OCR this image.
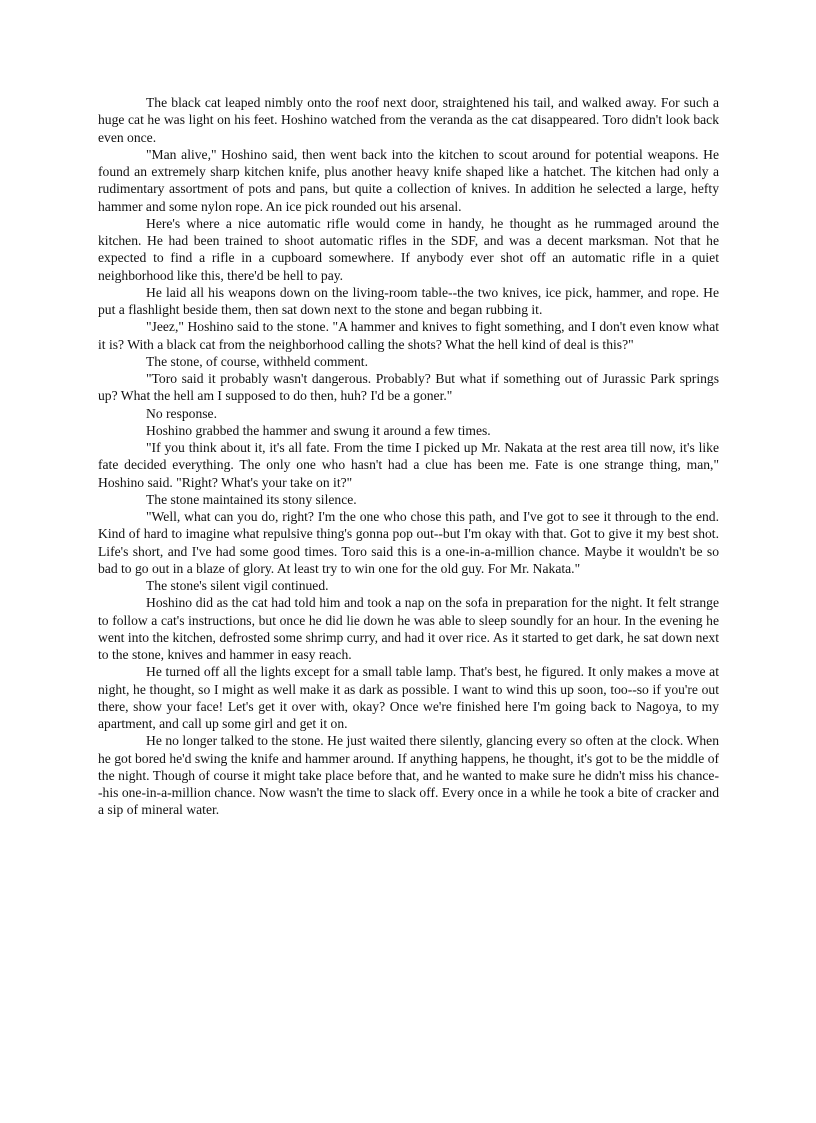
The black cat leaped nimbly onto the roof next door, straightened his tail, and walked away. For such a huge cat he was light on his feet. Hoshino watched from the veranda as the cat disappeared. Toro didn't look back even once.

"Man alive," Hoshino said, then went back into the kitchen to scout around for potential weapons. He found an extremely sharp kitchen knife, plus another heavy knife shaped like a hatchet. The kitchen had only a rudimentary assortment of pots and pans, but quite a collection of knives. In addition he selected a large, hefty hammer and some nylon rope. An ice pick rounded out his arsenal.

Here's where a nice automatic rifle would come in handy, he thought as he rummaged around the kitchen. He had been trained to shoot automatic rifles in the SDF, and was a decent marksman. Not that he expected to find a rifle in a cupboard somewhere. If anybody ever shot off an automatic rifle in a quiet neighborhood like this, there'd be hell to pay.

He laid all his weapons down on the living-room table--the two knives, ice pick, hammer, and rope. He put a flashlight beside them, then sat down next to the stone and began rubbing it.

"Jeez," Hoshino said to the stone. "A hammer and knives to fight something, and I don't even know what it is? With a black cat from the neighborhood calling the shots? What the hell kind of deal is this?"

The stone, of course, withheld comment.

"Toro said it probably wasn't dangerous. Probably? But what if something out of Jurassic Park springs up? What the hell am I supposed to do then, huh? I'd be a goner."

No response.

Hoshino grabbed the hammer and swung it around a few times.

"If you think about it, it's all fate. From the time I picked up Mr. Nakata at the rest area till now, it's like fate decided everything. The only one who hasn't had a clue has been me. Fate is one strange thing, man," Hoshino said. "Right? What's your take on it?"

The stone maintained its stony silence.

"Well, what can you do, right? I'm the one who chose this path, and I've got to see it through to the end. Kind of hard to imagine what repulsive thing's gonna pop out--but I'm okay with that. Got to give it my best shot. Life's short, and I've had some good times. Toro said this is a one-in-a-million chance. Maybe it wouldn't be so bad to go out in a blaze of glory. At least try to win one for the old guy. For Mr. Nakata."

The stone's silent vigil continued.

Hoshino did as the cat had told him and took a nap on the sofa in preparation for the night. It felt strange to follow a cat's instructions, but once he did lie down he was able to sleep soundly for an hour. In the evening he went into the kitchen, defrosted some shrimp curry, and had it over rice. As it started to get dark, he sat down next to the stone, knives and hammer in easy reach.

He turned off all the lights except for a small table lamp. That's best, he figured. It only makes a move at night, he thought, so I might as well make it as dark as possible. I want to wind this up soon, too--so if you're out there, show your face! Let's get it over with, okay? Once we're finished here I'm going back to Nagoya, to my apartment, and call up some girl and get it on.

He no longer talked to the stone. He just waited there silently, glancing every so often at the clock. When he got bored he'd swing the knife and hammer around. If anything happens, he thought, it's got to be the middle of the night. Though of course it might take place before that, and he wanted to make sure he didn't miss his chance--his one-in-a-million chance. Now wasn't the time to slack off. Every once in a while he took a bite of cracker and a sip of mineral water.
